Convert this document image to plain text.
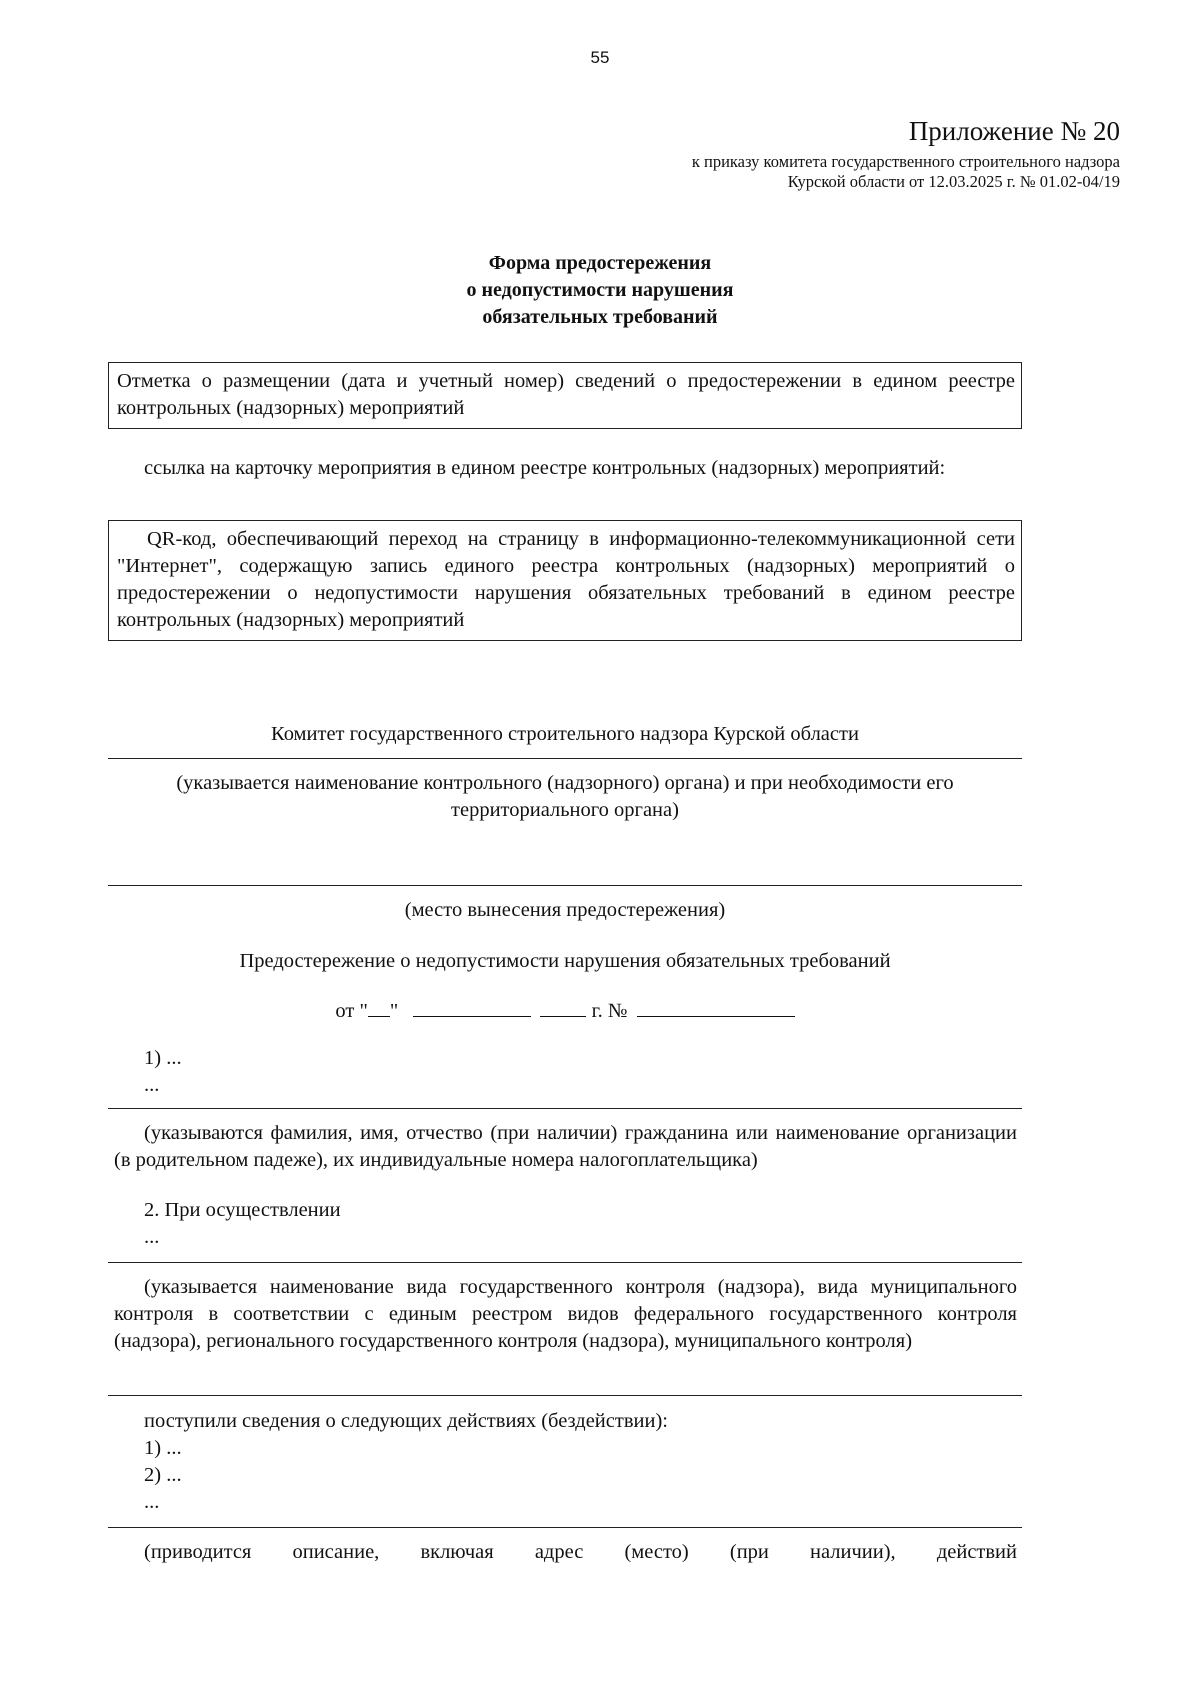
55
Приложение № 20
к приказу комитета государственного строительного надзора
Курской области от 12.03.2025 г. № 01.02-04/19
Форма предостережения
о недопустимости нарушения
обязательных требований
Отметка о размещении (дата и учетный номер) сведений о предостережении в едином реестре контрольных (надзорных) мероприятий
ссылка на карточку мероприятия в едином реестре контрольных (надзорных) мероприятий:
QR-код, обеспечивающий переход на страницу в информационно-телекоммуникационной сети "Интернет", содержащую запись единого реестра контрольных (надзорных) мероприятий о предостережении о недопустимости нарушения обязательных требований в едином реестре контрольных (надзорных) мероприятий
Комитет государственного строительного надзора Курской области
(указывается наименование контрольного (надзорного) органа) и при необходимости его территориального органа)
(место вынесения предостережения)
Предостережение о недопустимости нарушения обязательных требований
от " "	г. №
1) ...
...
(указываются фамилия, имя, отчество (при наличии) гражданина или наименование организации (в родительном падеже), их индивидуальные номера налогоплательщика)
2. При осуществлении
...
(указывается наименование вида государственного контроля (надзора), вида муниципального контроля в соответствии с единым реестром видов федерального государственного контроля (надзора), регионального государственного контроля (надзора), муниципального контроля)
поступили сведения о следующих действиях (бездействии):
1) ...
2) ...
...
(приводится описание, включая адрес (место) (при наличии), действий
